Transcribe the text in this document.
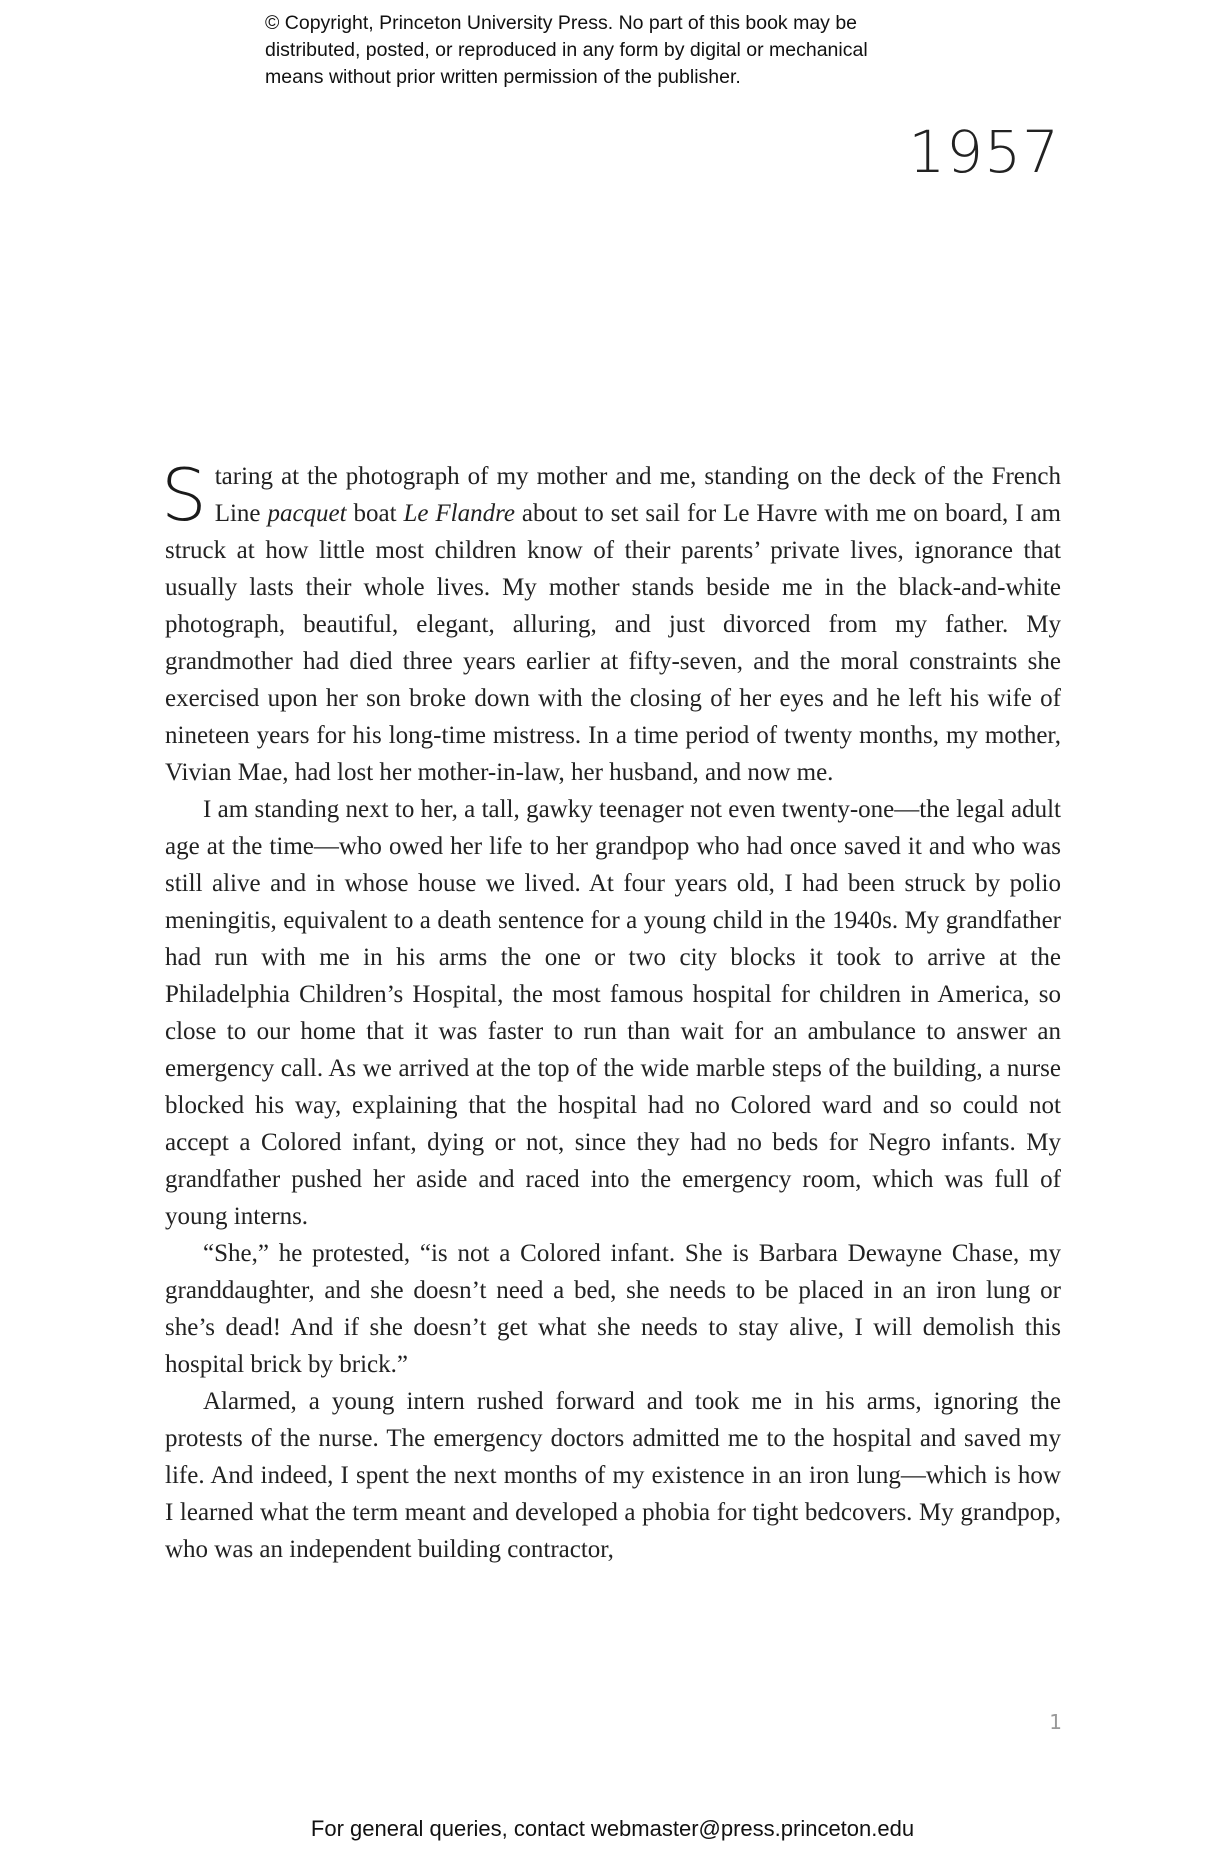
© Copyright, Princeton University Press. No part of this book may be
distributed, posted, or reproduced in any form by digital or mechanical
means without prior written permission of the publisher.
1957

Staring at the photograph of my mother and me, standing on the deck of the French Line pacquet boat Le Flandre about to set sail for Le Havre with me on board, I am struck at how little most children know of their parents’ private lives, ignorance that usually lasts their whole lives. My mother stands beside me in the black-and-white photograph, beautiful, elegant, alluring, and just divorced from my father. My grandmother had died three years earlier at fifty-seven, and the moral constraints she exercised upon her son broke down with the closing of her eyes and he left his wife of nineteen years for his long-time mistress. In a time period of twenty months, my mother, Vivian Mae, had lost her mother-in-law, her husband, and now me.

I am standing next to her, a tall, gawky teenager not even twenty-one—the legal adult age at the time—who owed her life to her grandpop who had once saved it and who was still alive and in whose house we lived. At four years old, I had been struck by polio meningitis, equivalent to a death sentence for a young child in the 1940s. My grandfather had run with me in his arms the one or two city blocks it took to arrive at the Philadelphia Children’s Hospital, the most famous hospital for children in America, so close to our home that it was faster to run than wait for an ambulance to answer an emergency call. As we arrived at the top of the wide marble steps of the building, a nurse blocked his way, explaining that the hospital had no Colored ward and so could not accept a Colored infant, dying or not, since they had no beds for Negro infants. My grandfather pushed her aside and raced into the emergency room, which was full of young interns.

“She,” he protested, “is not a Colored infant. She is Barbara Dewayne Chase, my granddaughter, and she doesn’t need a bed, she needs to be placed in an iron lung or she’s dead! And if she doesn’t get what she needs to stay alive, I will demolish this hospital brick by brick.”

Alarmed, a young intern rushed forward and took me in his arms, ignoring the protests of the nurse. The emergency doctors admitted me to the hospital and saved my life. And indeed, I spent the next months of my existence in an iron lung—which is how I learned what the term meant and developed a phobia for tight bedcovers. My grandpop, who was an independent building contractor,

1
For general queries, contact webmaster@press.princeton.edu
